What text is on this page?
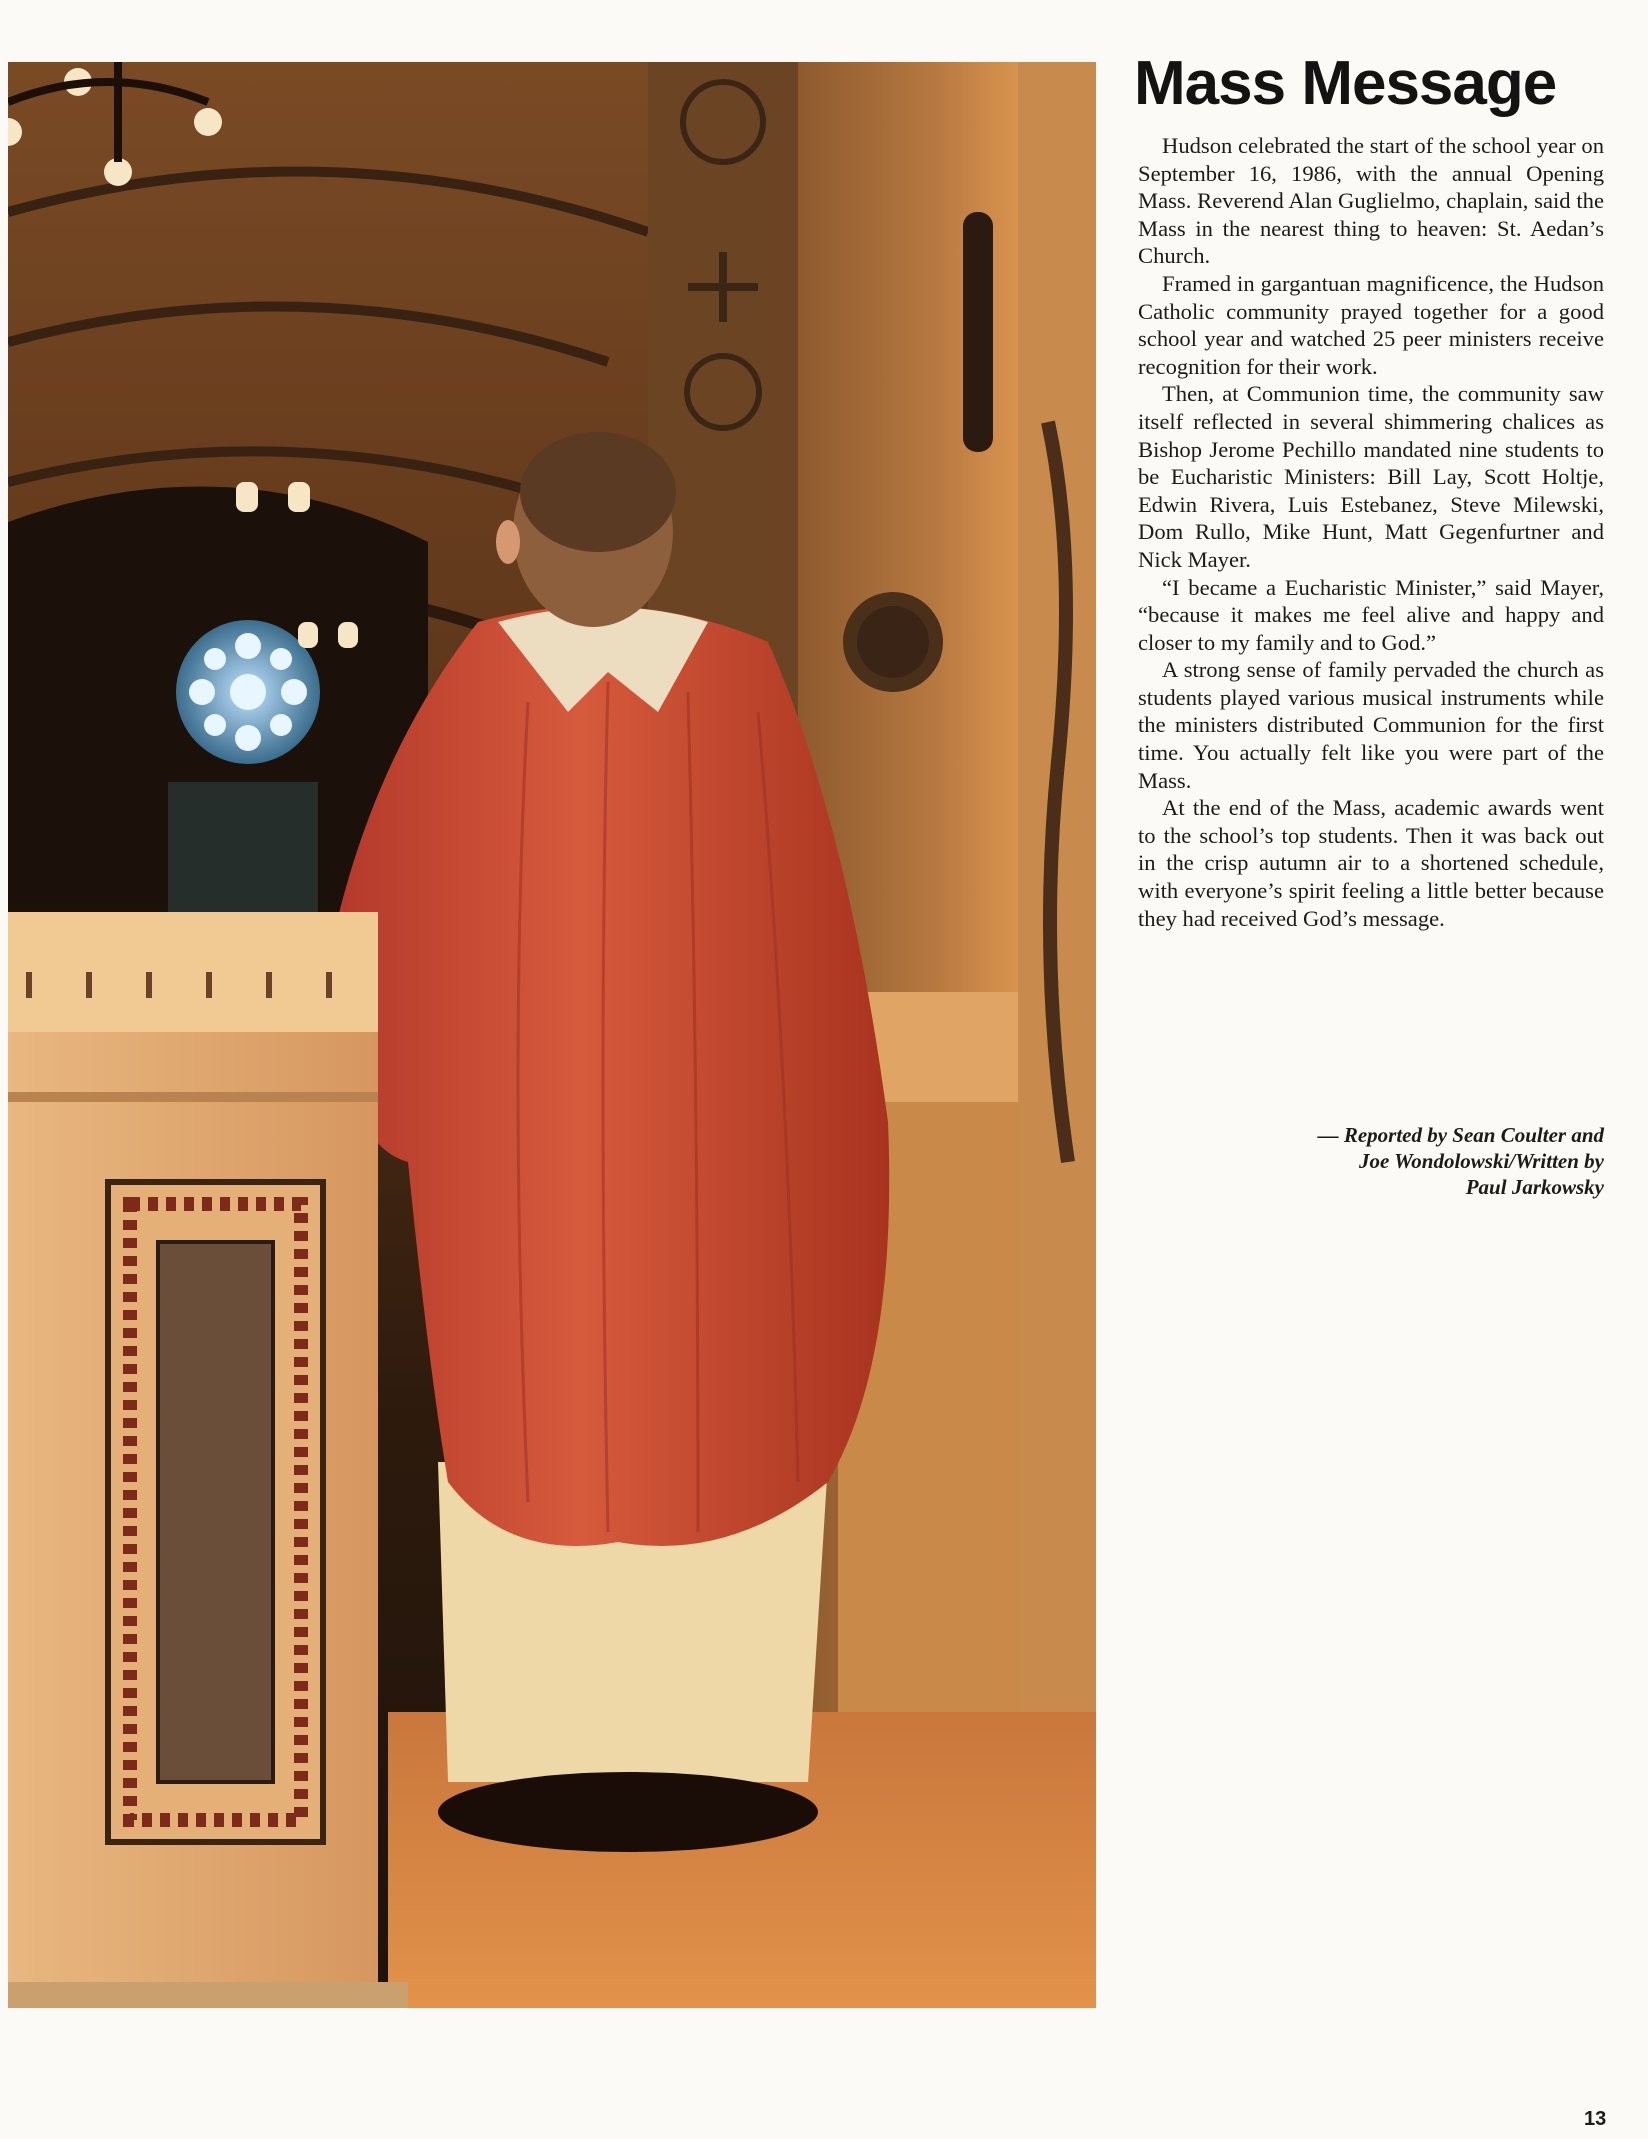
Mass Message

Hudson celebrated the start of the school year on September 16, 1986, with the annual Opening Mass. Reverend Alan Guglielmo, chaplain, said the Mass in the nearest thing to heaven: St. Aedan’s Church.

Framed in gargantuan magnificence, the Hudson Catholic community prayed together for a good school year and watched 25 peer ministers receive recognition for their work.

Then, at Communion time, the community saw itself reflected in several shimmering chalices as Bishop Jerome Pechillo mandated nine students to be Eucharistic Ministers: Bill Lay, Scott Holtje, Edwin Rivera, Luis Estebanez, Steve Milewski, Dom Rullo, Mike Hunt, Matt Gegenfurtner and Nick Mayer.

“I became a Eucharistic Minister,” said Mayer, “because it makes me feel alive and happy and closer to my family and to God.”

A strong sense of family pervaded the church as students played various musical instruments while the ministers distributed Communion for the first time. You actually felt like you were part of the Mass.

At the end of the Mass, academic awards went to the school’s top students. Then it was back out in the crisp autumn air to a shortened schedule, with everyone’s spirit feeling a little better because they had received God’s message.

— Reported by Sean Coulter and
Joe Wondolowski/Written by
Paul Jarkowsky
13
